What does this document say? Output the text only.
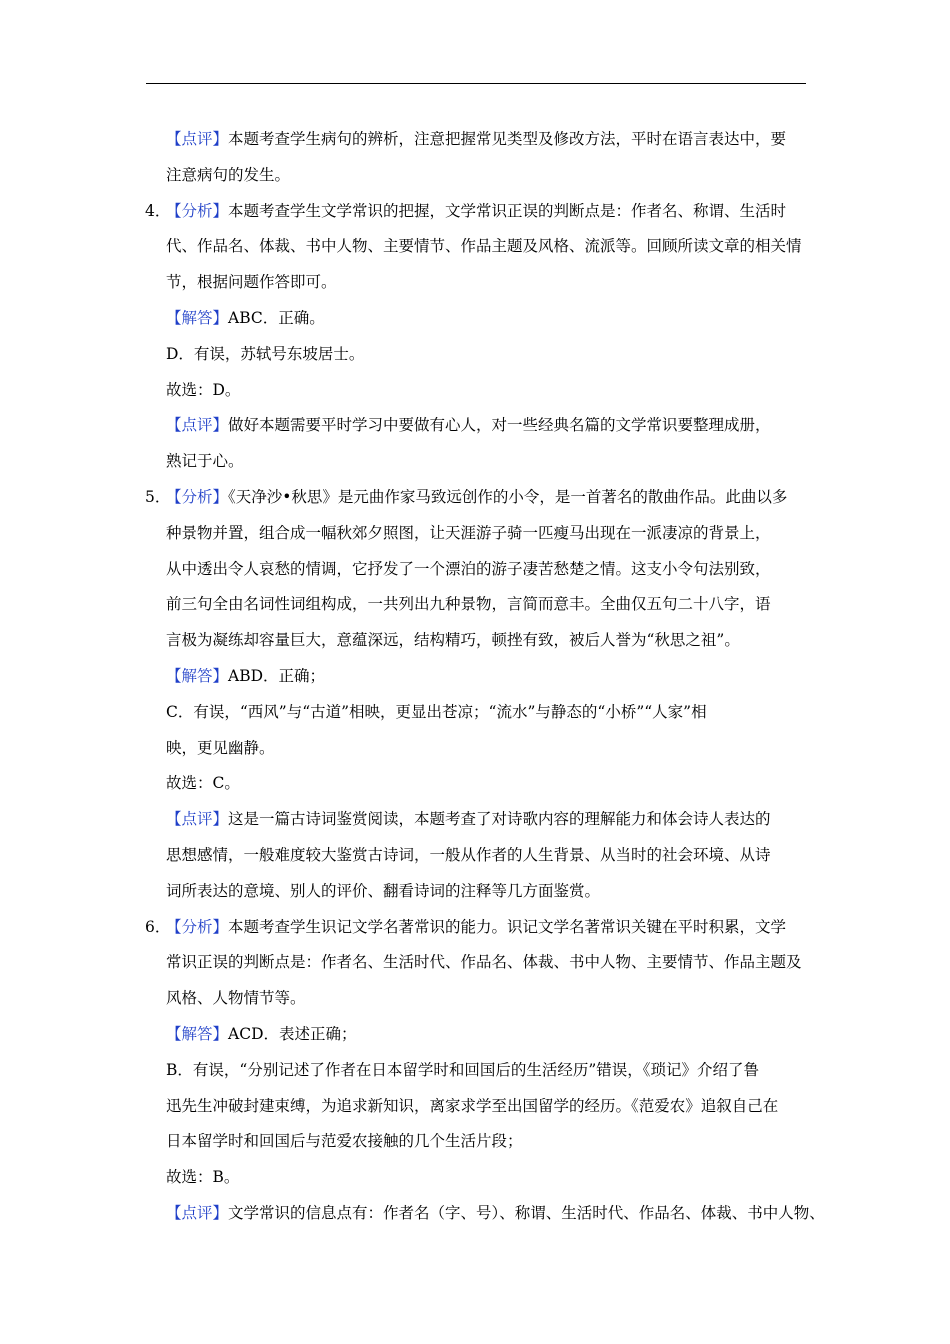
【点评】本题考查学生病句的辨析，注意把握常见类型及修改方法，平时在语言表达中，要
注意病句的发生。
4．【分析】本题考查学生文学常识的把握，文学常识正误的判断点是：作者名、称谓、生活时
代、作品名、体裁、书中人物、主要情节、作品主题及风格、流派等。回顾所读文章的相关情
节，根据问题作答即可。
【解答】ABC．正确。
D．有误，苏轼号东坡居士。
故选：D。
【点评】做好本题需要平时学习中要做有心人，对一些经典名篇的文学常识要整理成册，
熟记于心。
5．【分析】《天净沙•秋思》是元曲作家马致远创作的小令，是一首著名的散曲作品。此曲以多
种景物并置，组合成一幅秋郊夕照图，让天涯游子骑一匹瘦马出现在一派凄凉的背景上，
从中透出令人哀愁的情调，它抒发了一个漂泊的游子凄苦愁楚之情。这支小令句法别致，
前三句全由名词性词组构成，一共列出九种景物，言简而意丰。全曲仅五句二十八字，语
言极为凝练却容量巨大，意蕴深远，结构精巧，顿挫有致，被后人誉为“秋思之祖”。
【解答】ABD．正确；
C．有误，“西风”与“古道”相映，更显出苍凉；“流水”与静态的“小桥”“人家”相
映，更见幽静。
故选：C。
【点评】这是一篇古诗词鉴赏阅读，本题考查了对诗歌内容的理解能力和体会诗人表达的
思想感情，一般难度较大鉴赏古诗词，一般从作者的人生背景、从当时的社会环境、从诗
词所表达的意境、别人的评价、翻看诗词的注释等几方面鉴赏。
6．【分析】本题考查学生识记文学名著常识的能力。识记文学名著常识关键在平时积累，文学
常识正误的判断点是：作者名、生活时代、作品名、体裁、书中人物、主要情节、作品主题及
风格、人物情节等。
【解答】ACD．表述正确；
B．有误，“分别记述了作者在日本留学时和回国后的生活经历”错误，《琐记》介绍了鲁
迅先生冲破封建束缚，为追求新知识，离家求学至出国留学的经历。《范爱农》追叙自己在
日本留学时和回国后与范爱农接触的几个生活片段；
故选：B。
【点评】文学常识的信息点有：作者名（字、号）、称谓、生活时代、作品名、体裁、书中人物、
